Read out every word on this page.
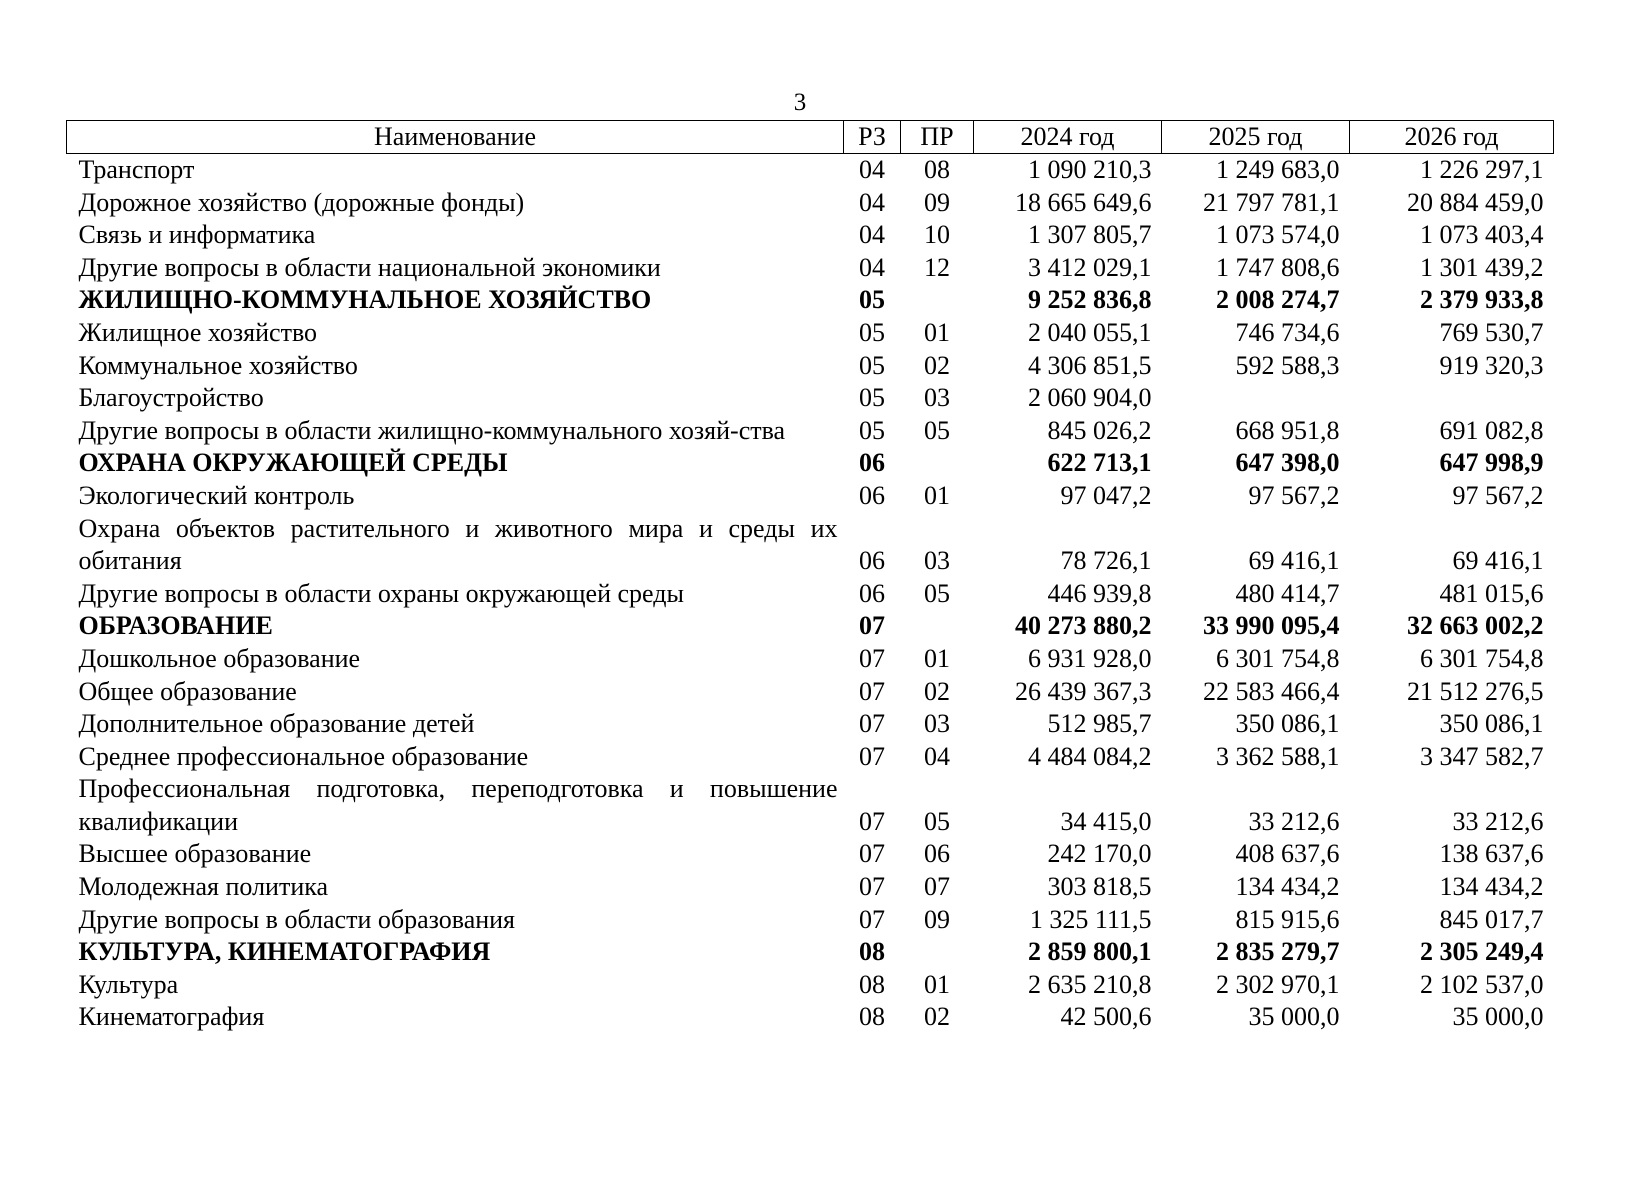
3
Наименование	РЗ	ПР	2024 год	2025 год	2026 год
Транспорт	04	08	1 090 210,3	1 249 683,0	1 226 297,1
Дорожное хозяйство (дорожные фонды)	04	09	18 665 649,6	21 797 781,1	20 884 459,0
Связь и информатика	04	10	1 307 805,7	1 073 574,0	1 073 403,4
Другие вопросы в области национальной экономики	04	12	3 412 029,1	1 747 808,6	1 301 439,2
ЖИЛИЩНО-КОММУНАЛЬНОЕ ХОЗЯЙСТВО	05		9 252 836,8	2 008 274,7	2 379 933,8
Жилищное хозяйство	05	01	2 040 055,1	746 734,6	769 530,7
Коммунальное хозяйство	05	02	4 306 851,5	592 588,3	919 320,3
Благоустройство	05	03	2 060 904,0		
Другие вопросы в области жилищно-коммунального хозяй-ства	05	05	845 026,2	668 951,8	691 082,8
ОХРАНА ОКРУЖАЮЩЕЙ СРЕДЫ	06		622 713,1	647 398,0	647 998,9
Экологический контроль	06	01	97 047,2	97 567,2	97 567,2
Охрана объектов растительного и животного мира и среды их обитания	06	03	78 726,1	69 416,1	69 416,1
Другие вопросы в области охраны окружающей среды	06	05	446 939,8	480 414,7	481 015,6
ОБРАЗОВАНИЕ	07		40 273 880,2	33 990 095,4	32 663 002,2
Дошкольное образование	07	01	6 931 928,0	6 301 754,8	6 301 754,8
Общее образование	07	02	26 439 367,3	22 583 466,4	21 512 276,5
Дополнительное образование детей	07	03	512 985,7	350 086,1	350 086,1
Среднее профессиональное образование	07	04	4 484 084,2	3 362 588,1	3 347 582,7
Профессиональная подготовка, переподготовка и повышение квалификации	07	05	34 415,0	33 212,6	33 212,6
Высшее образование	07	06	242 170,0	408 637,6	138 637,6
Молодежная политика	07	07	303 818,5	134 434,2	134 434,2
Другие вопросы в области образования	07	09	1 325 111,5	815 915,6	845 017,7
КУЛЬТУРА, КИНЕМАТОГРАФИЯ	08		2 859 800,1	2 835 279,7	2 305 249,4
Культура	08	01	2 635 210,8	2 302 970,1	2 102 537,0
Кинематография	08	02	42 500,6	35 000,0	35 000,0
